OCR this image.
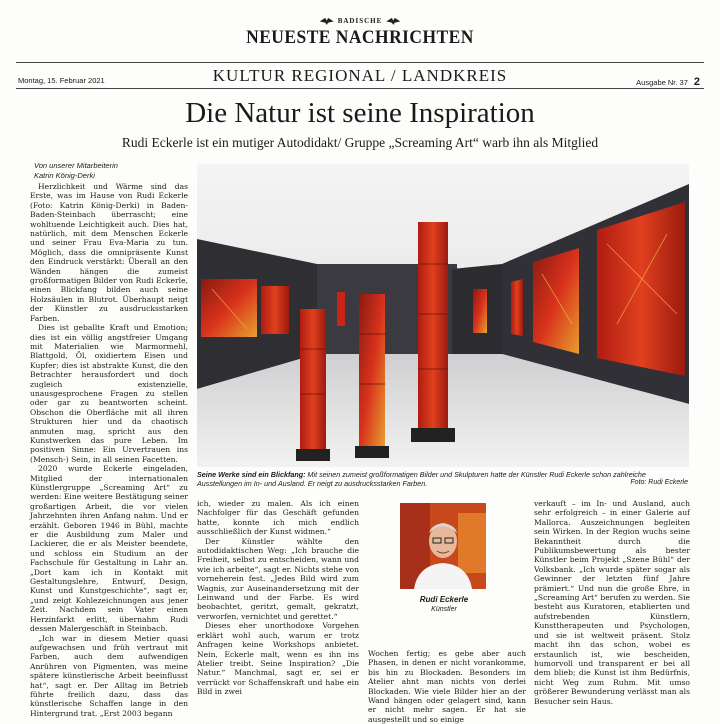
BADISCHE
NEUESTE NACHRICHTEN
Montag, 15. Februar 2021	KULTUR REGIONAL / LANDKREIS	Ausgabe Nr. 37 2
Die Natur ist seine Inspiration
Rudi Eckerle ist ein mutiger Autodidakt/ Gruppe „Screaming Art“ warb ihn als Mitglied
Von unserer Mitarbeiterin
Katrin König-Derki

Herzlichkeit und Wärme sind das Erste, was im Hause von Rudi Eckerle (Foto: Katrin König-Derki) in Baden-Baden-Steinbach überrascht; eine wohltuende Leichtigkeit auch. Dies hat, natürlich, mit dem Menschen Eckerle und seiner Frau Eva-Maria zu tun. Möglich, dass die omnipräsente Kunst den Eindruck verstärkt: Überall an den Wänden hängen die zumeist großformatigen Bilder von Rudi Eckerle, einen Blickfang bilden auch seine Holzsäulen in Blutrot. Überhaupt neigt der Künstler zu ausdrucksstarken Farben.

Dies ist geballte Kraft und Emotion; dies ist ein völlig angstfreier Umgang mit Materialien wie Marmormehl, Blattgold, Öl, oxidiertem Eisen und Kupfer; dies ist abstrakte Kunst, die den Betrachter herausfordert und doch zugleich existenzielle, unausgesprochene Fragen zu stellen oder gar zu beantworten scheint. Obschon die Oberfläche mit all ihren Strukturen hier und da chaotisch anmuten mag, spricht aus den Kunstwerken das pure Leben. Im positiven Sinne: Ein Urvertrauen ins (Mensch-) Sein, in all seinen Facetten.

2020 wurde Eckerle eingeladen, Mitglied der internationalen Künstlergruppe „Screaming Art“ zu werden: Eine weitere Bestätigung seiner großartigen Arbeit, die vor vielen Jahrzehnten ihren Anfang nahm. Und er erzählt. Geboren 1946 in Bühl, machte er die Ausbildung zum Maler und Lackierer, die er als Meister beendete, und schloss ein Studium an der Fachschule für Gestaltung in Lahr an. „Dort kam ich in Kontakt mit Gestaltungslehre, Entwurf, Design, Kunst und Kunstgeschichte“, sagt er, „und zeigt Kohlezeichnungen aus jener Zeit. Nachdem sein Vater einen Herzinfarkt erlitt, übernahm Rudi dessen Malergeschäft in Steinbach.

„Ich war in diesem Metier quasi aufgewachsen und früh vertraut mit Farben, auch dem aufwendigen Anrühren von Pigmenten, was meine spätere künstlerische Arbeit beeinflusst hat“, sagt er. Der Alltag im Betrieb führte freilich dazu, dass das künstlerische Schaffen lange in den Hintergrund trat. „Erst 2003 begann

Seine Werke sind ein Blickfang: Mit seinen zumeist großformatigen Bilder und Skulpturen hatte der Künstler Rudi Eckerle schon zahlreiche Ausstellungen im In- und Ausland. Er neigt zu ausdrucksstarken Farben.	Foto: Rudi Eckerle

ich, wieder zu malen. Als ich einen Nachfolger für das Geschäft gefunden hatte, konnte ich mich endlich ausschließlich der Kunst widmen.“

Der Künstler wählte den autodidaktischen Weg: „Ich brauche die Freiheit, selbst zu entscheiden, wann und wie ich arbeite“, sagt er. Nichts stehe von vorneherein fest. „Jedes Bild wird zum Wagnis, zur Auseinandersetzung mit der Leinwand und der Farbe. Es wird beobachtet, geritzt, gemalt, gekratzt, verworfen, vernichtet und gerettet.“

Dieses eher unorthodoxe Vorgehen erklärt wohl auch, warum er trotz Anfragen keine Workshops anbietet. Nein, Eckerle malt, wenn es ihn ins Atelier treibt. Seine Inspiration? „Die Natur.“ Manchmal, sagt er, sei er verrückt vor Schaffenskraft und habe ein Bild in zwei

Rudi Eckerle
Künstler

Wochen fertig; es gebe aber auch Phasen, in denen er nicht vorankomme, bis hin zu Blockaden. Besonders im Atelier ahnt man nichts von derlei Blockaden. Wie viele Bilder hier an der Wand hängen oder gelagert sind, kann er nicht mehr sagen. Er hat sie ausgestellt und so einige

verkauft – im In- und Ausland, auch sehr erfolgreich – in einer Galerie auf Mallorca. Auszeichnungen begleiten sein Wirken. In der Region wuchs seine Bekanntheit durch die Publikumsbewertung als bester Künstler beim Projekt „Szene Bühl“ der Volksbank. „Ich wurde später sogar als Gewinner der letzten fünf Jahre prämiert.“ Und nun die große Ehre, in „Screaming Art“ berufen zu werden. Sie besteht aus Kuratoren, etablierten und aufstrebenden Künstlern, Kunsttherapeuten und Psychologen, und sie ist weltweit präsent. Stolz macht ihn das schon, wobei es erstaunlich ist, wie bescheiden, humorvoll und transparent er bei all dem blieb; die Kunst ist ihm Bedürfnis, nicht Weg zum Ruhm. Mit umso größerer Bewunderung verlässt man als Besucher sein Haus.
